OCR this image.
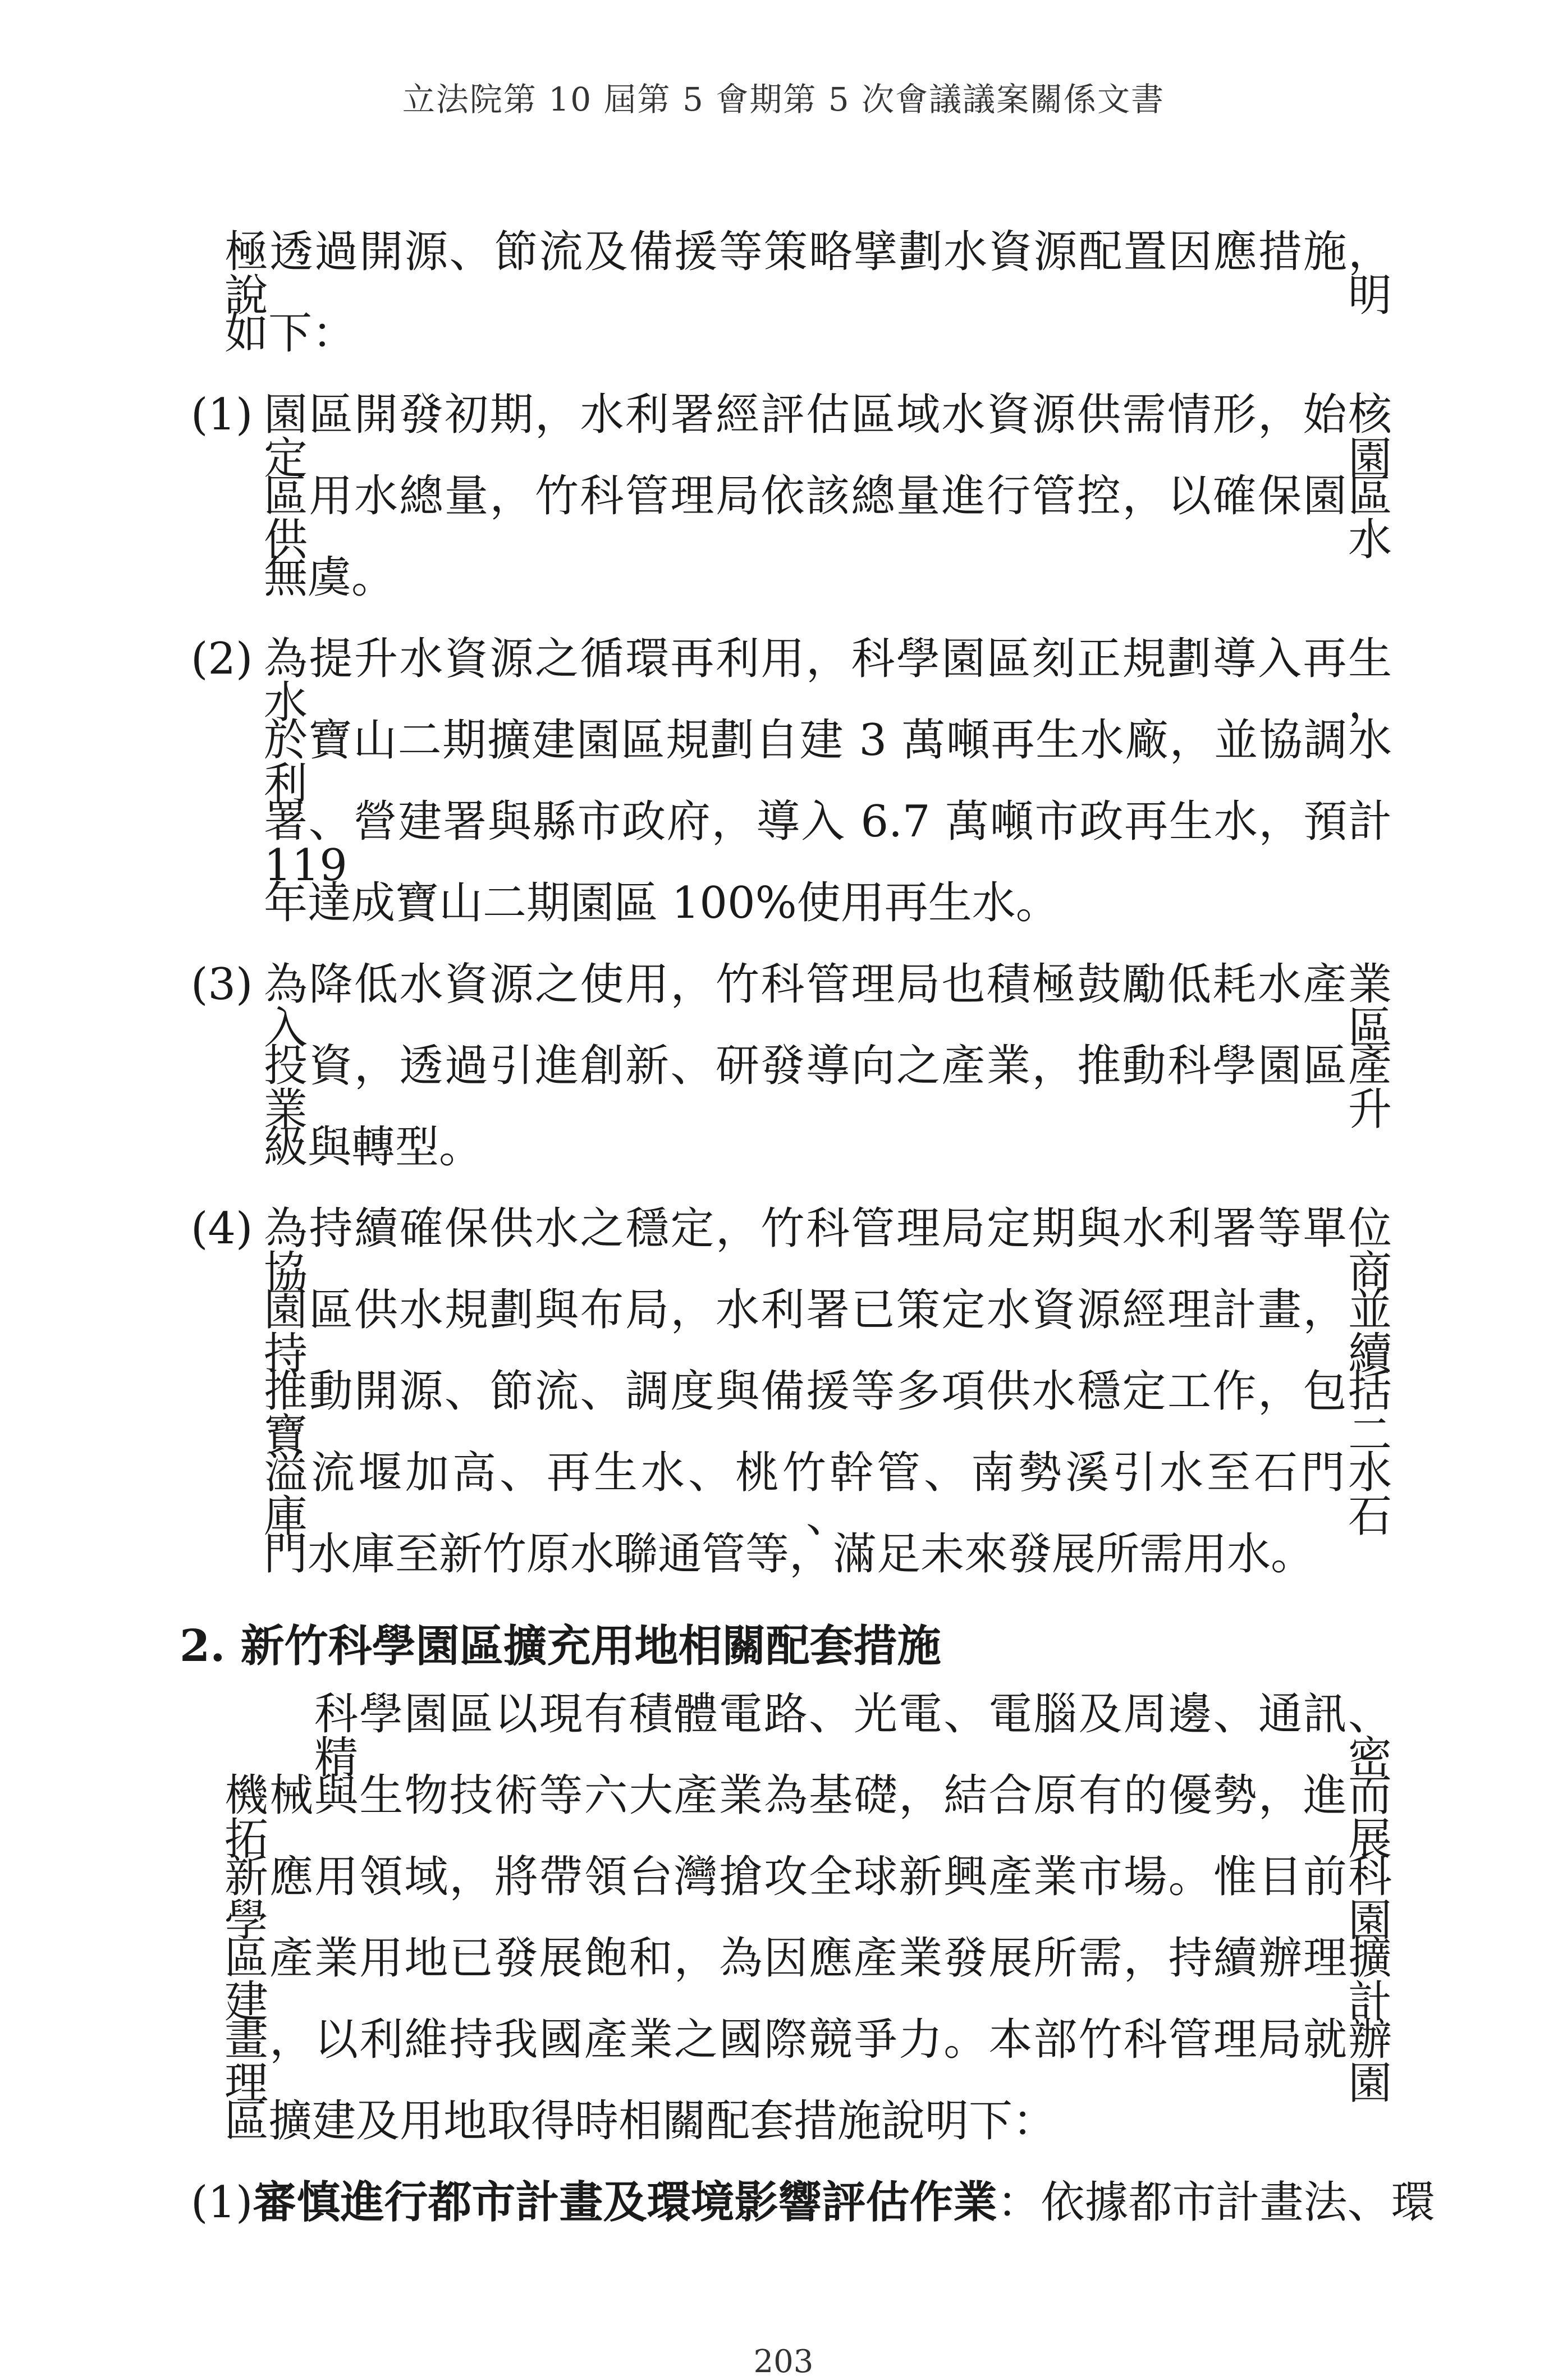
立法院第 10 屆第 5 會期第 5 次會議議案關係文書
極透過開源、節流及備援等策略擘劃水資源配置因應措施，說明
如下：
(1) 園區開發初期，水利署經評估區域水資源供需情形，始核定園
區用水總量，竹科管理局依該總量進行管控，以確保園區供水
無虞。
(2) 為提升水資源之循環再利用，科學園區刻正規劃導入再生水，
於寶山二期擴建園區規劃自建 3 萬噸再生水廠，並協調水利
署、營建署與縣市政府，導入 6.7 萬噸市政再生水，預計 119
年達成寶山二期園區 100%使用再生水。
(3) 為降低水資源之使用，竹科管理局也積極鼓勵低耗水產業入區
投資，透過引進創新、研發導向之產業，推動科學園區產業升
級與轉型。
(4) 為持續確保供水之穩定，竹科管理局定期與水利署等單位協商
園區供水規劃與布局，水利署已策定水資源經理計畫，並持續
推動開源、節流、調度與備援等多項供水穩定工作，包括寶二
溢流堰加高、再生水、桃竹幹管、南勢溪引水至石門水庫、石
門水庫至新竹原水聯通管等，滿足未來發展所需用水。
2. 新竹科學園區擴充用地相關配套措施
科學園區以現有積體電路、光電、電腦及周邊、通訊、精密
機械與生物技術等六大產業為基礎，結合原有的優勢，進而拓展
新應用領域，將帶領台灣搶攻全球新興產業市場。惟目前科學園
區產業用地已發展飽和，為因應產業發展所需，持續辦理擴建計
畫，以利維持我國產業之國際競爭力。本部竹科管理局就辦理園
區擴建及用地取得時相關配套措施說明下：
(1)審慎進行都市計畫及環境影響評估作業：依據都市計畫法、環
203
